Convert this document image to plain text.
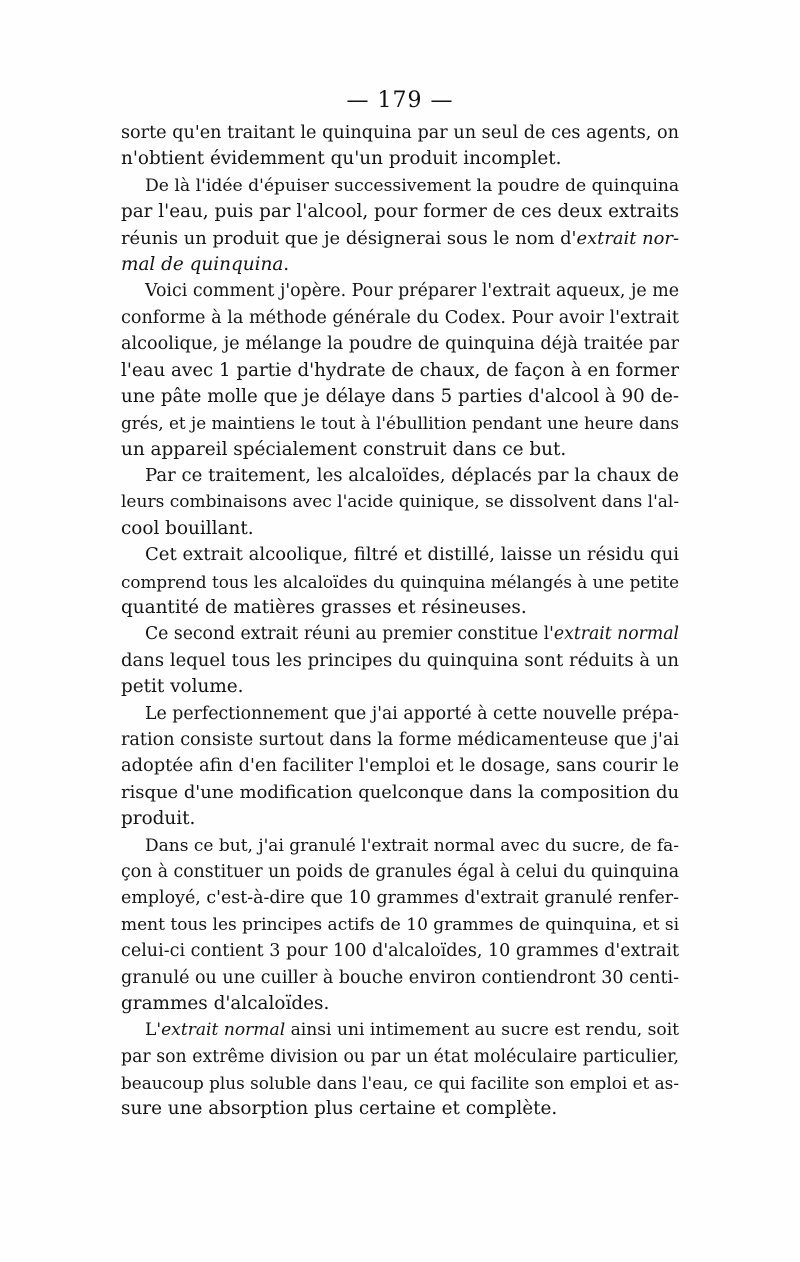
— 179 —
sorte qu'en traitant le quinquina par un seul de ces agents, on
n'obtient évidemment qu'un produit incomplet.
De là l'idée d'épuiser successivement la poudre de quinquina
par l'eau, puis par l'alcool, pour former de ces deux extraits
réunis un produit que je désignerai sous le nom d'extrait nor-
mal de quinquina.
Voici comment j'opère. Pour préparer l'extrait aqueux, je me
conforme à la méthode générale du Codex. Pour avoir l'extrait
alcoolique, je mélange la poudre de quinquina déjà traitée par
l'eau avec 1 partie d'hydrate de chaux, de façon à en former
une pâte molle que je délaye dans 5 parties d'alcool à 90 de-
grés, et je maintiens le tout à l'ébullition pendant une heure dans
un appareil spécialement construit dans ce but.
Par ce traitement, les alcaloïdes, déplacés par la chaux de
leurs combinaisons avec l'acide quinique, se dissolvent dans l'al-
cool bouillant.
Cet extrait alcoolique, filtré et distillé, laisse un résidu qui
comprend tous les alcaloïdes du quinquina mélangés à une petite
quantité de matières grasses et résineuses.
Ce second extrait réuni au premier constitue l'extrait normal
dans lequel tous les principes du quinquina sont réduits à un
petit volume.
Le perfectionnement que j'ai apporté à cette nouvelle prépa-
ration consiste surtout dans la forme médicamenteuse que j'ai
adoptée afin d'en faciliter l'emploi et le dosage, sans courir le
risque d'une modification quelconque dans la composition du
produit.
Dans ce but, j'ai granulé l'extrait normal avec du sucre, de fa-
çon à constituer un poids de granules égal à celui du quinquina
employé, c'est-à-dire que 10 grammes d'extrait granulé renfer-
ment tous les principes actifs de 10 grammes de quinquina, et si
celui-ci contient 3 pour 100 d'alcaloïdes, 10 grammes d'extrait
granulé ou une cuiller à bouche environ contiendront 30 centi-
grammes d'alcaloïdes.
L'extrait normal ainsi uni intimement au sucre est rendu, soit
par son extrême division ou par un état moléculaire particulier,
beaucoup plus soluble dans l'eau, ce qui facilite son emploi et as-
sure une absorption plus certaine et complète.
